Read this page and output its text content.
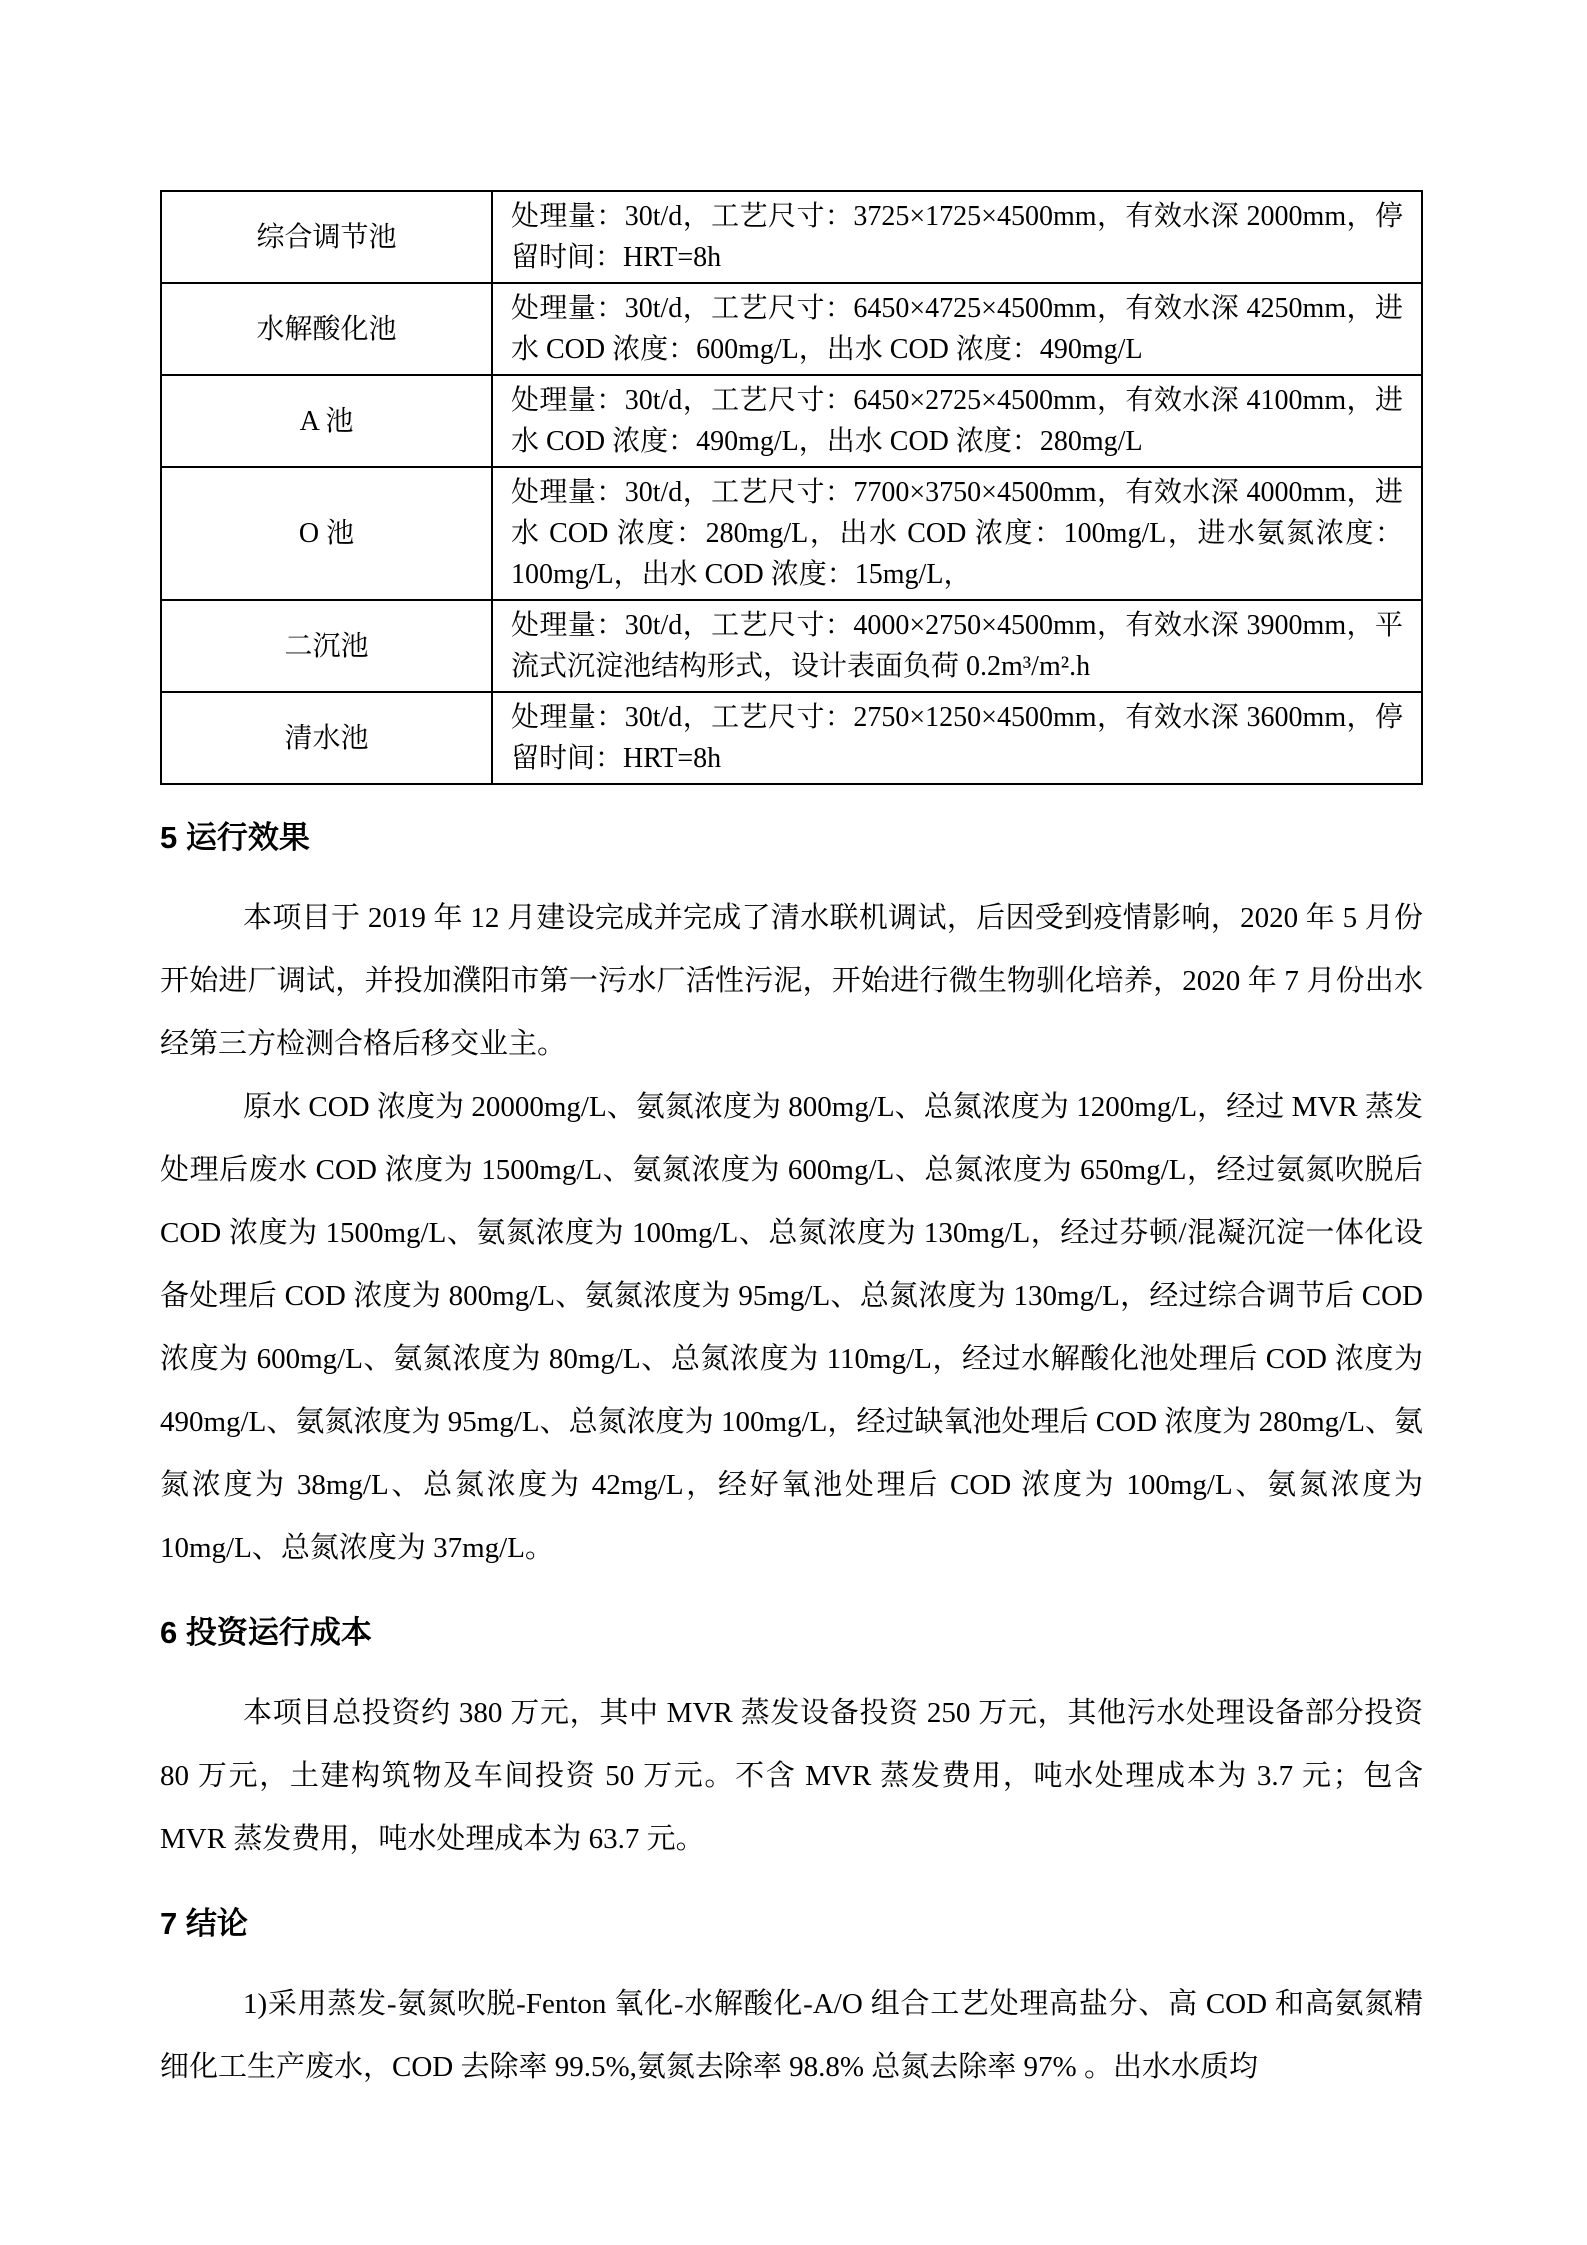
综合调节池	处理量：30t/d，工艺尺寸：3725×1725×4500mm，有效水深 2000mm，停留时间：HRT=8h
水解酸化池	处理量：30t/d，工艺尺寸：6450×4725×4500mm，有效水深 4250mm，进水 COD 浓度：600mg/L，出水 COD 浓度：490mg/L
A 池	处理量：30t/d，工艺尺寸：6450×2725×4500mm，有效水深 4100mm，进水 COD 浓度：490mg/L，出水 COD 浓度：280mg/L
O 池	处理量：30t/d，工艺尺寸：7700×3750×4500mm，有效水深 4000mm，进水 COD 浓度：280mg/L，出水 COD 浓度：100mg/L，进水氨氮浓度：100mg/L，出水 COD 浓度：15mg/L，
二沉池	处理量：30t/d，工艺尺寸：4000×2750×4500mm，有效水深 3900mm，平流式沉淀池结构形式，设计表面负荷 0.2m³/m².h
清水池	处理量：30t/d，工艺尺寸：2750×1250×4500mm，有效水深 3600mm，停留时间：HRT=8h
5 运行效果

本项目于 2019 年 12 月建设完成并完成了清水联机调试，后因受到疫情影响，2020 年 5 月份开始进厂调试，并投加濮阳市第一污水厂活性污泥，开始进行微生物驯化培养，2020 年 7 月份出水经第三方检测合格后移交业主。

原水 COD 浓度为 20000mg/L、氨氮浓度为 800mg/L、总氮浓度为 1200mg/L，经过 MVR 蒸发处理后废水 COD 浓度为 1500mg/L、氨氮浓度为 600mg/L、总氮浓度为 650mg/L，经过氨氮吹脱后 COD 浓度为 1500mg/L、氨氮浓度为 100mg/L、总氮浓度为 130mg/L，经过芬顿/混凝沉淀一体化设备处理后 COD 浓度为 800mg/L、氨氮浓度为 95mg/L、总氮浓度为 130mg/L，经过综合调节后 COD 浓度为 600mg/L、氨氮浓度为 80mg/L、总氮浓度为 110mg/L，经过水解酸化池处理后 COD 浓度为 490mg/L、氨氮浓度为 95mg/L、总氮浓度为 100mg/L，经过缺氧池处理后 COD 浓度为 280mg/L、氨氮浓度为 38mg/L、总氮浓度为 42mg/L，经好氧池处理后 COD 浓度为 100mg/L、氨氮浓度为 10mg/L、总氮浓度为 37mg/L。

6 投资运行成本

本项目总投资约 380 万元，其中 MVR 蒸发设备投资 250 万元，其他污水处理设备部分投资 80 万元，土建构筑物及车间投资 50 万元。不含 MVR 蒸发费用，吨水处理成本为 3.7 元；包含 MVR 蒸发费用，吨水处理成本为 63.7 元。

7 结论

1)采用蒸发-氨氮吹脱-Fenton 氧化-水解酸化-A/O 组合工艺处理高盐分、高 COD 和高氨氮精细化工生产废水，COD 去除率 99.5%,氨氮去除率 98.8% 总氮去除率 97% 。出水水质均
